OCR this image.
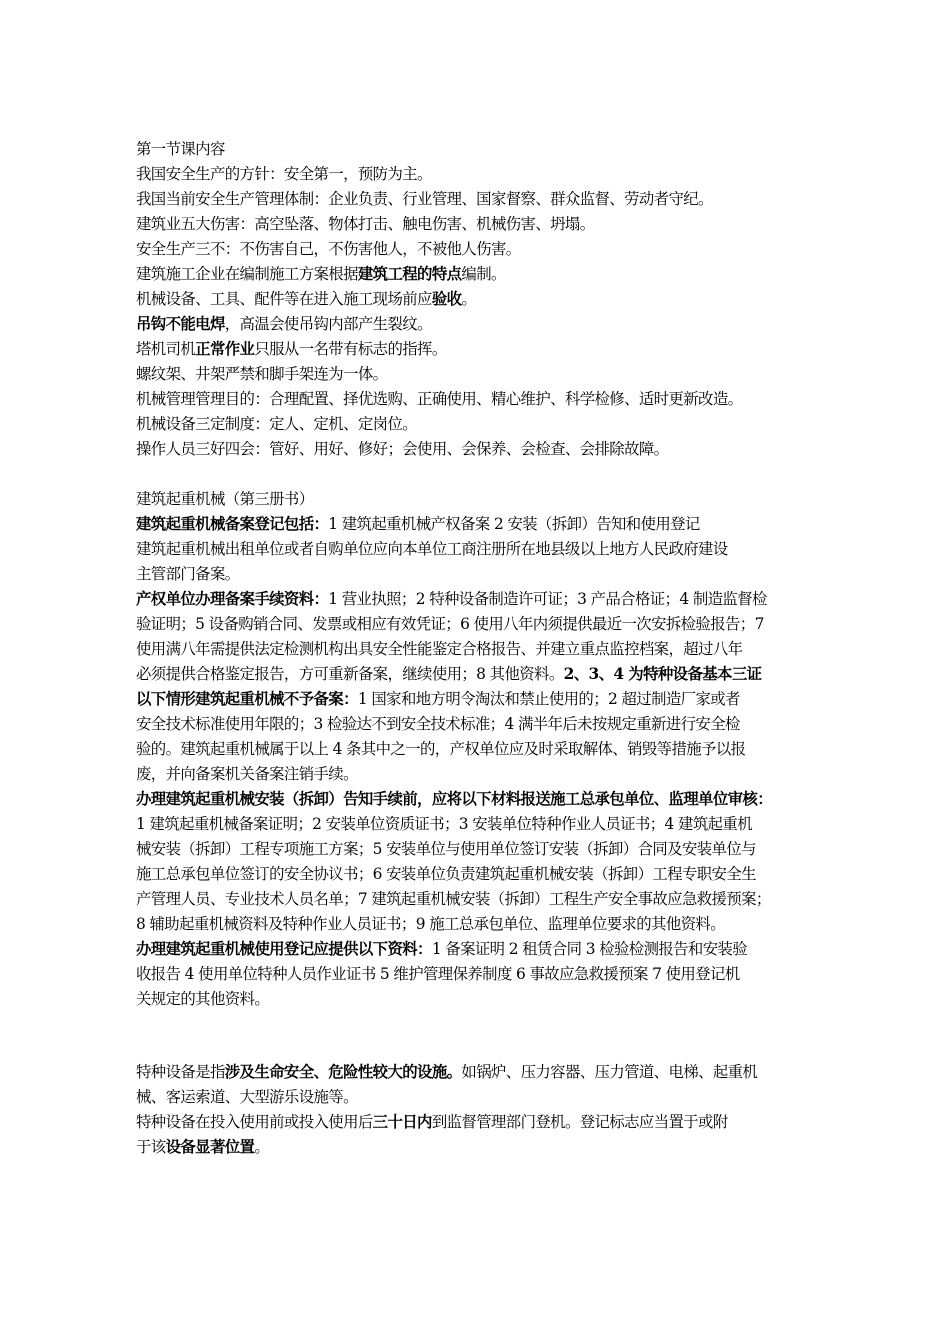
第一节课内容
我国安全生产的方针：安全第一，预防为主。
我国当前安全生产管理体制：企业负责、行业管理、国家督察、群众监督、劳动者守纪。
建筑业五大伤害：高空坠落、物体打击、触电伤害、机械伤害、坍塌。
安全生产三不：不伤害自己，不伤害他人，不被他人伤害。
建筑施工企业在编制施工方案根据建筑工程的特点编制。
机械设备、工具、配件等在进入施工现场前应验收。
吊钩不能电焊，高温会使吊钩内部产生裂纹。
塔机司机正常作业只服从一名带有标志的指挥。
螺纹架、井架严禁和脚手架连为一体。
机械管理管理目的：合理配置、择优选购、正确使用、精心维护、科学检修、适时更新改造。
机械设备三定制度：定人、定机、定岗位。
操作人员三好四会：管好、用好、修好；会使用、会保养、会检查、会排除故障。
建筑起重机械（第三册书）
建筑起重机械备案登记包括：1 建筑起重机械产权备案 2 安装（拆卸）告知和使用登记
建筑起重机械出租单位或者自购单位应向本单位工商注册所在地县级以上地方人民政府建设
主管部门备案。
产权单位办理备案手续资料：1 营业执照；2 特种设备制造许可证；3 产品合格证；4 制造监督检
验证明；5 设备购销合同、发票或相应有效凭证；6 使用八年内须提供最近一次安拆检验报告；7
使用满八年需提供法定检测机构出具安全性能鉴定合格报告、并建立重点监控档案，超过八年
必须提供合格鉴定报告，方可重新备案，继续使用；8 其他资料。2、3、4 为特种设备基本三证
以下情形建筑起重机械不予备案：1 国家和地方明令淘汰和禁止使用的；2 超过制造厂家或者
安全技术标准使用年限的；3 检验达不到安全技术标准；4 满半年后未按规定重新进行安全检
验的。建筑起重机械属于以上 4 条其中之一的，产权单位应及时采取解体、销毁等措施予以报
废，并向备案机关备案注销手续。
办理建筑起重机械安装（拆卸）告知手续前，应将以下材料报送施工总承包单位、监理单位审核：
1 建筑起重机械备案证明；2 安装单位资质证书；3 安装单位特种作业人员证书；4 建筑起重机
械安装（拆卸）工程专项施工方案；5 安装单位与使用单位签订安装（拆卸）合同及安装单位与
施工总承包单位签订的安全协议书；6 安装单位负责建筑起重机械安装（拆卸）工程专职安全生
产管理人员、专业技术人员名单；7 建筑起重机械安装（拆卸）工程生产安全事故应急救援预案；
8 辅助起重机械资料及特种作业人员证书；9 施工总承包单位、监理单位要求的其他资料。
办理建筑起重机械使用登记应提供以下资料：1 备案证明 2 租赁合同 3 检验检测报告和安装验
收报告 4 使用单位特种人员作业证书 5 维护管理保养制度 6 事故应急救援预案 7 使用登记机
关规定的其他资料。
特种设备是指涉及生命安全、危险性较大的设施。如锅炉、压力容器、压力管道、电梯、起重机
械、客运索道、大型游乐设施等。
特种设备在投入使用前或投入使用后三十日内到监督管理部门登机。登记标志应当置于或附
于该设备显著位置。
